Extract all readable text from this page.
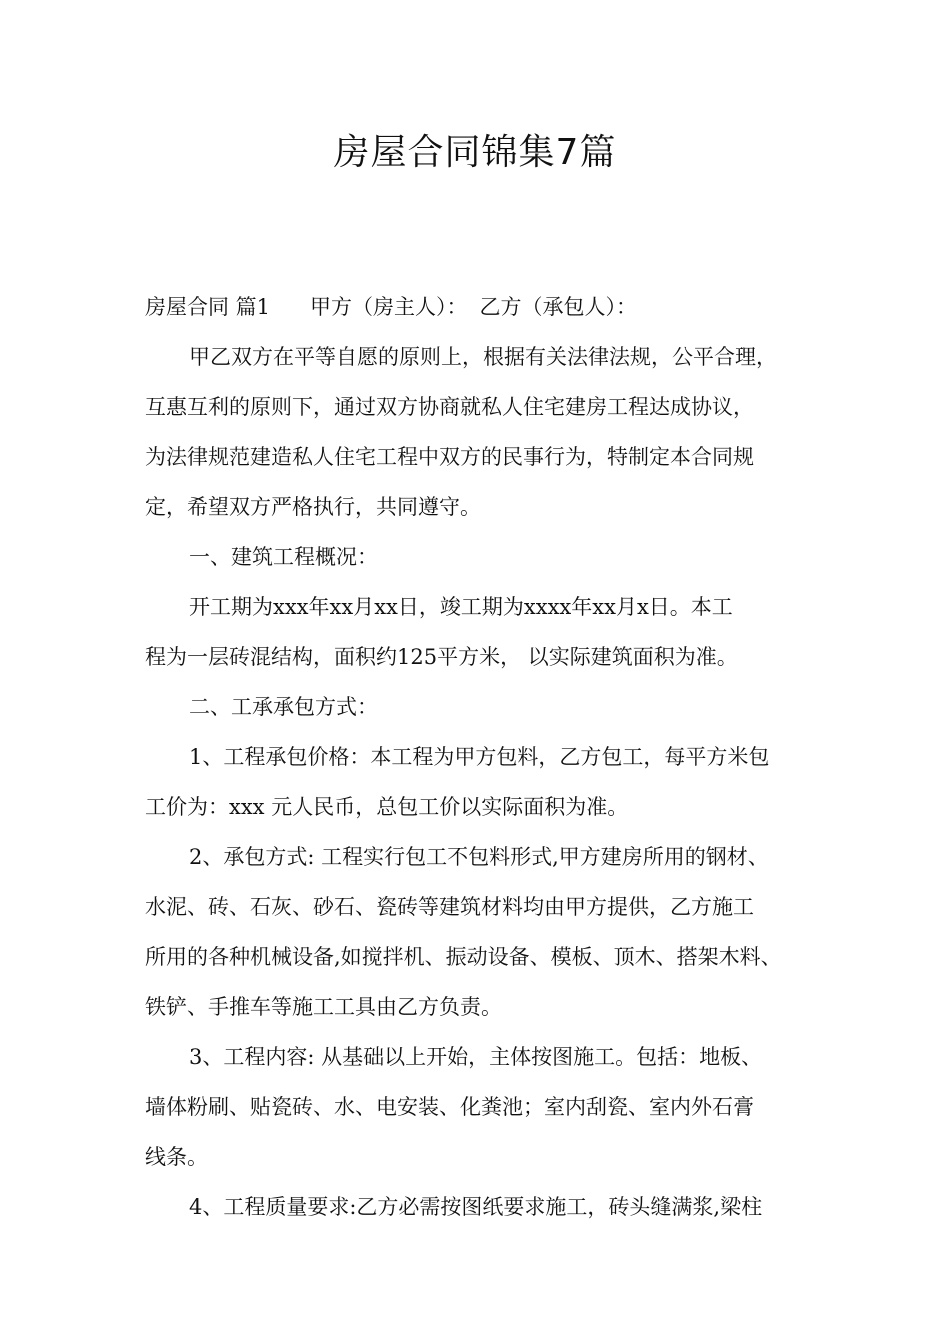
房屋合同锦集7篇
房屋合同 篇1 甲方（房主人）： 乙方（承包人）：
甲乙双方在平等自愿的原则上，根据有关法律法规，公平合理，
互惠互利的原则下，通过双方协商就私人住宅建房工程达成协议，
为法律规范建造私人住宅工程中双方的民事行为，特制定本合同规
定，希望双方严格执行，共同遵守。
一、建筑工程概况：
开工期为xxx年xx月xx日，竣工期为xxxx年xx月x日。本工
程为一层砖混结构，面积约125平方米， 以实际建筑面积为准。
二、工承承包方式：
1、工程承包价格：本工程为甲方包料，乙方包工，每平方米包
工价为：xxx 元人民币，总包工价以实际面积为准。
2、承包方式: 工程实行包工不包料形式,甲方建房所用的钢材、
水泥、砖、石灰、砂石、瓷砖等建筑材料均由甲方提供，乙方施工
所用的各种机械设备,如搅拌机、振动设备、模板、顶木、搭架木料、
铁铲、手推车等施工工具由乙方负责。
3、工程内容: 从基础以上开始，主体按图施工。包括：地板、
墙体粉刷、贴瓷砖、水、电安装、化粪池；室内刮瓷、室内外石膏
线条。
4、工程质量要求:乙方必需按图纸要求施工，砖头缝满浆,梁柱
